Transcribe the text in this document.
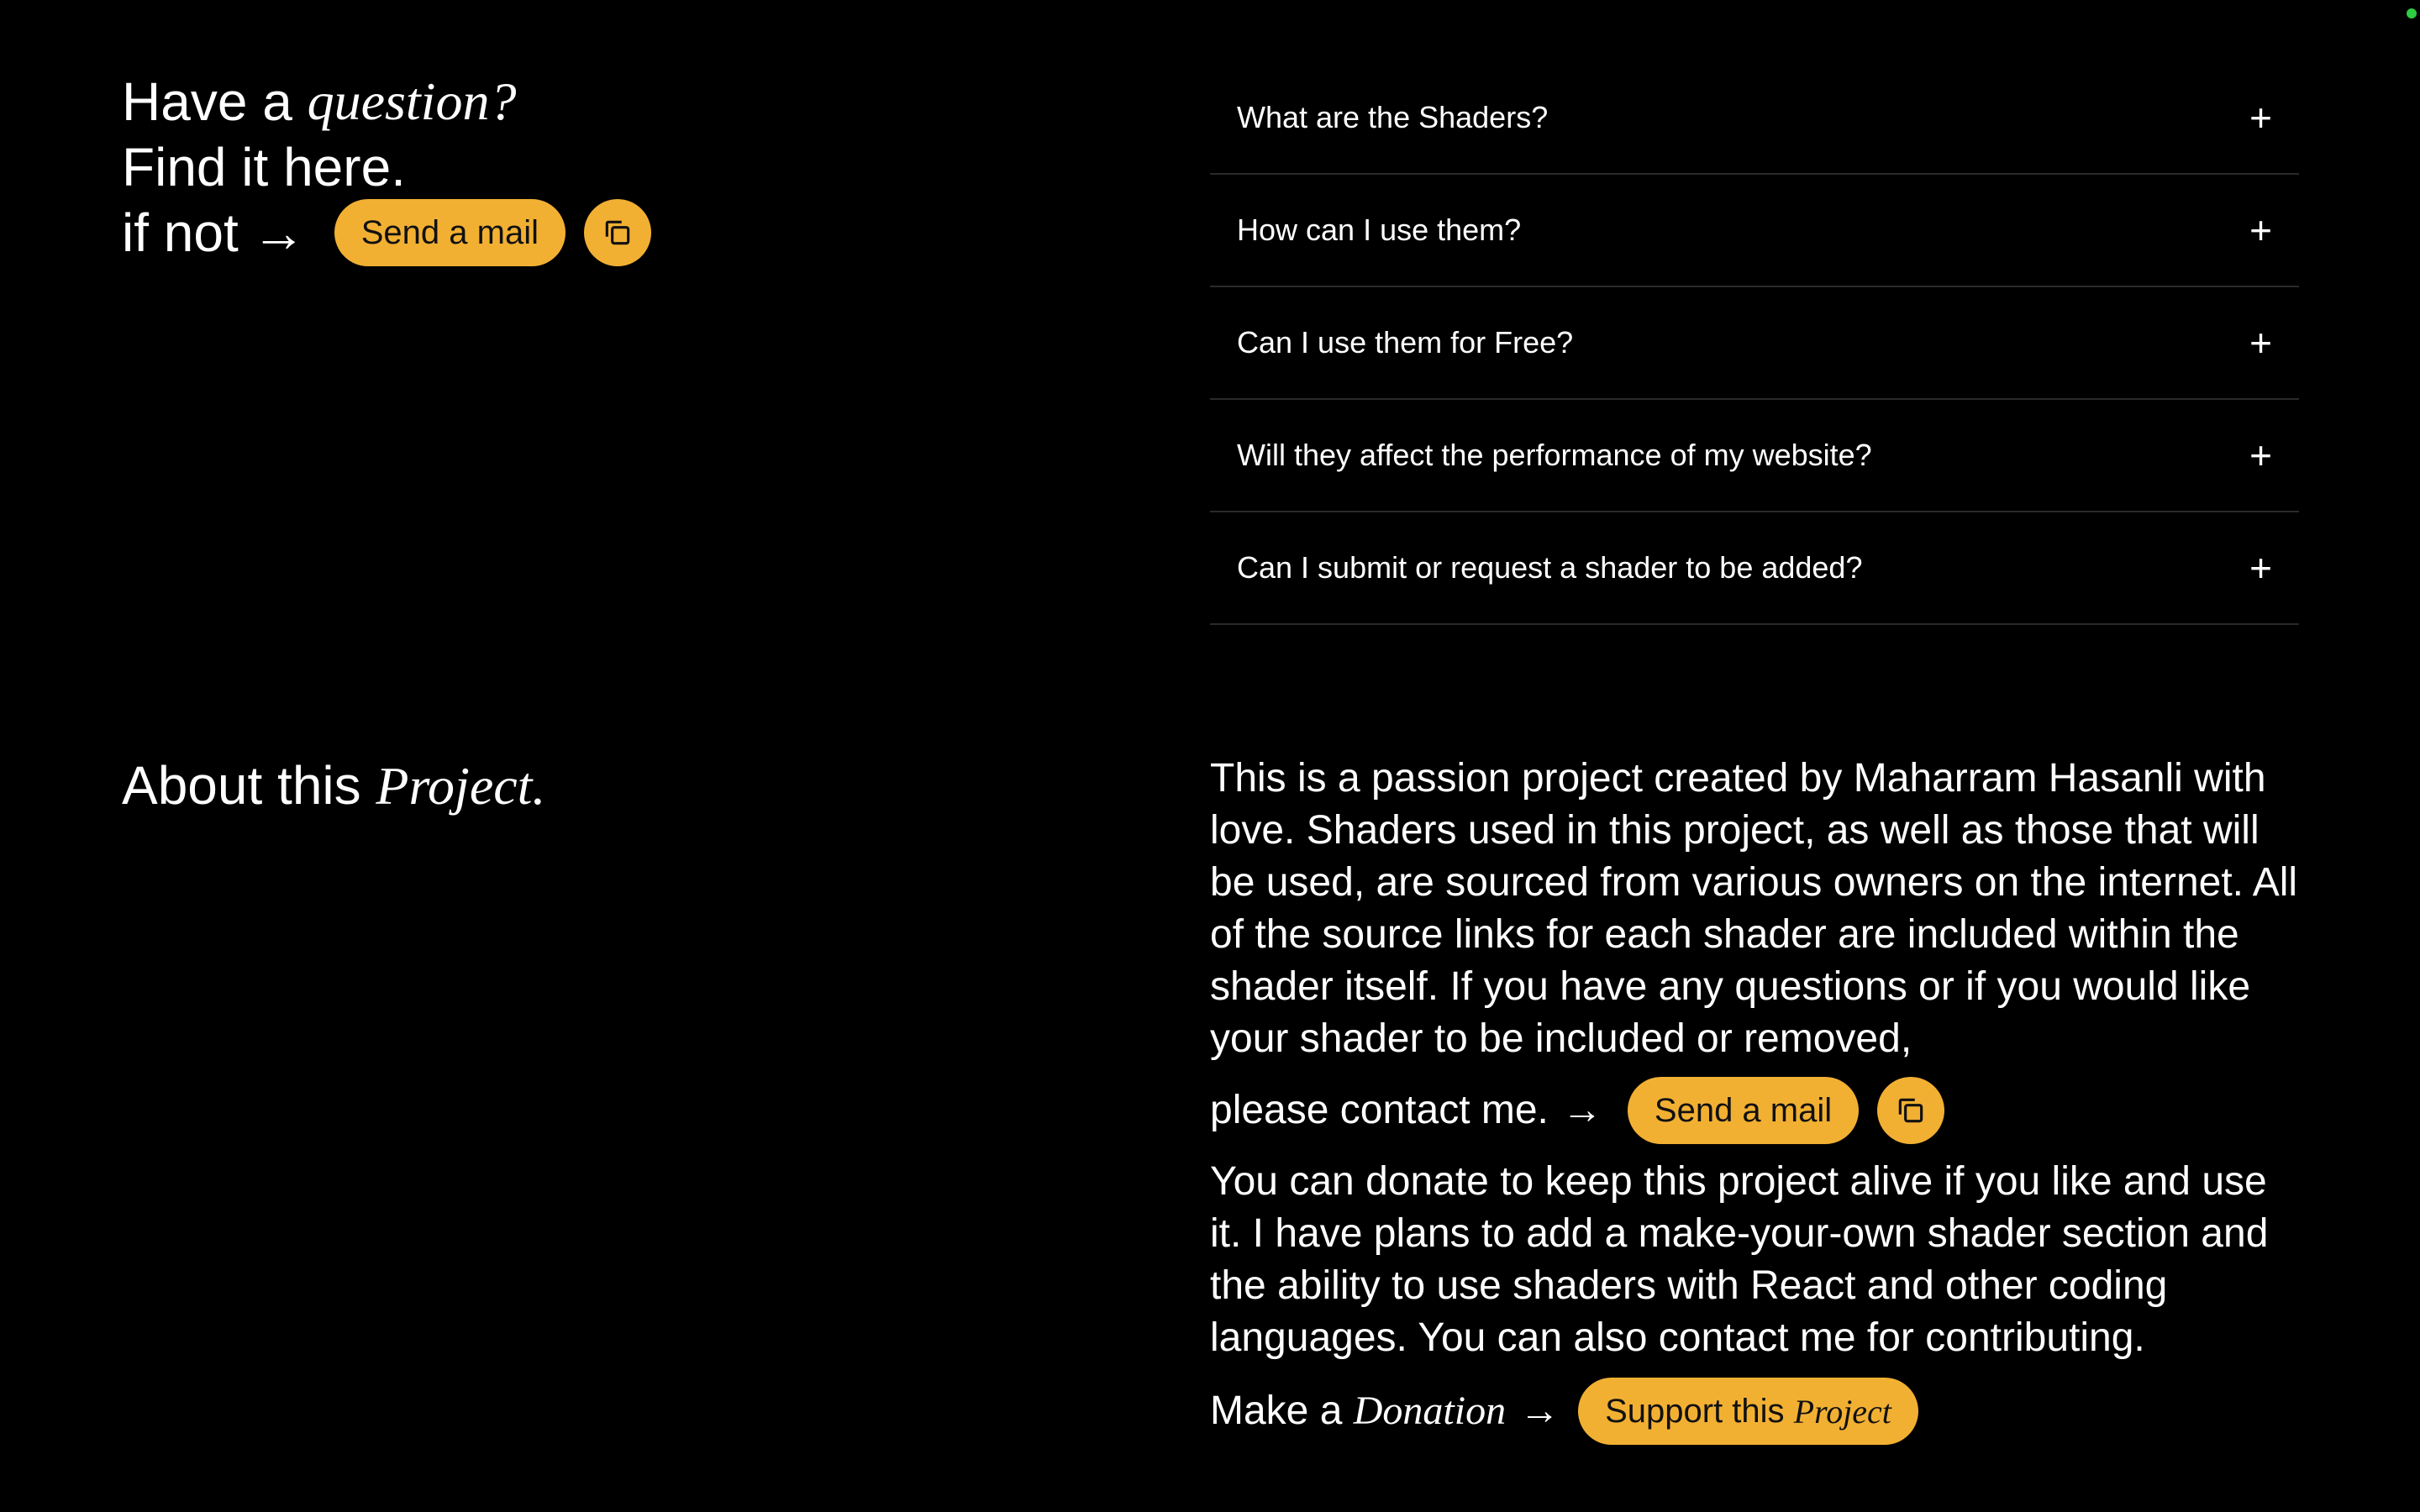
Have a question?
Find it here.
if not →	Send a mail
What are the Shaders?	+
How can I use them?	+
Can I use them for Free?	+
Will they affect the performance of my website?	+
Can I submit or request a shader to be added?	+
About this Project.	This is a passion project created by Maharram Hasanli with love. Shaders used in this project, as well as those that will be used, are sourced from various owners on the internet. All of the source links for each shader are included within the shader itself. If you have any questions or if you would like your shader to be included or removed,

please contact me. →	Send a mail

You can donate to keep this project alive if you like and use it. I have plans to add a make-your-own shader section and the ability to use shaders with React and other coding languages. You can also contact me for contributing.

Make a Donation → Support this Project
